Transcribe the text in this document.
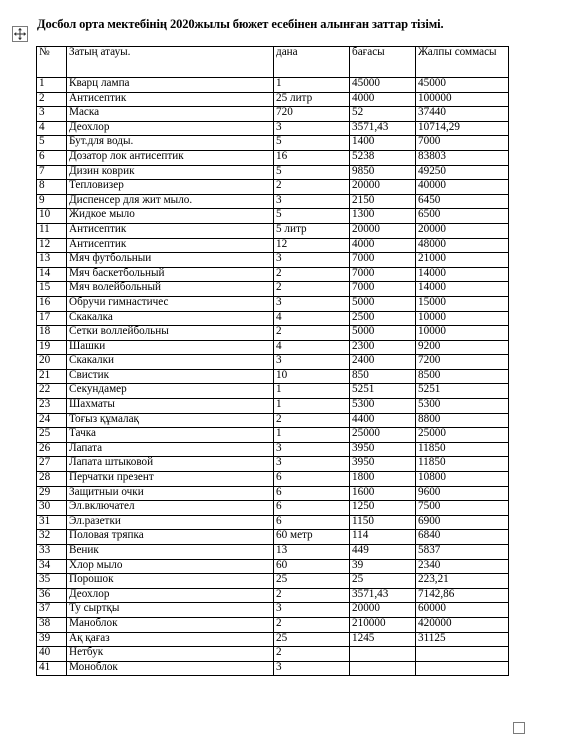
Досбол орта мектебінің 2020жылы бюжет есебінен алынған заттар тізімі.
№	Затың атауы.	дана	бағасы	Жалпы соммасы
1	Кварц лампа	1	45000	45000
2	Антисептик	25 литр	4000	100000
3	Маска	720	52	37440
4	Деохлор	3	3571,43	10714,29
5	Бут.для воды.	5	1400	7000
6	Дозатор лок антисептик	16	5238	83803
7	Дизин коврик	5	9850	49250
8	Тепловизер	2	20000	40000
9	Диспенсер для жит мыло.	3	2150	6450
10	Жидкое мыло	5	1300	6500
11	Антисептик	5 литр	20000	20000
12	Антисептик	12	4000	48000
13	Мяч футбольныи	3	7000	21000
14	Мяч баскетбольный	2	7000	14000
15	Мяч волейбольный	2	7000	14000
16	Обручи гимнастичес	3	5000	15000
17	Скакалка	4	2500	10000
18	Сетки воллейбольны	2	5000	10000
19	Шашки	4	2300	9200
20	Скакалки	3	2400	7200
21	Свистик	10	850	8500
22	Секундамер	1	5251	5251
23	Шахматы	1	5300	5300
24	Тоғыз құмалақ	2	4400	8800
25	Тачка	1	25000	25000
26	Лапата	3	3950	11850
27	Лапата штыковой	3	3950	11850
28	Перчатки презент	6	1800	10800
29	Защитныи очки	6	1600	9600
30	Эл.включател	6	1250	7500
31	Эл.разетки	6	1150	6900
32	Половая тряпка	60 метр	114	6840
33	Веник	13	449	5837
34	Хлор мыло	60	39	2340
35	Порошок	25	25	223,21
36	Деохлор	2	3571,43	7142,86
37	Ту сыртқы	3	20000	60000
38	Маноблок	2	210000	420000
39	Ақ қағаз	25	1245	31125
40	Нетбук	2		
41	Моноблок	3		
